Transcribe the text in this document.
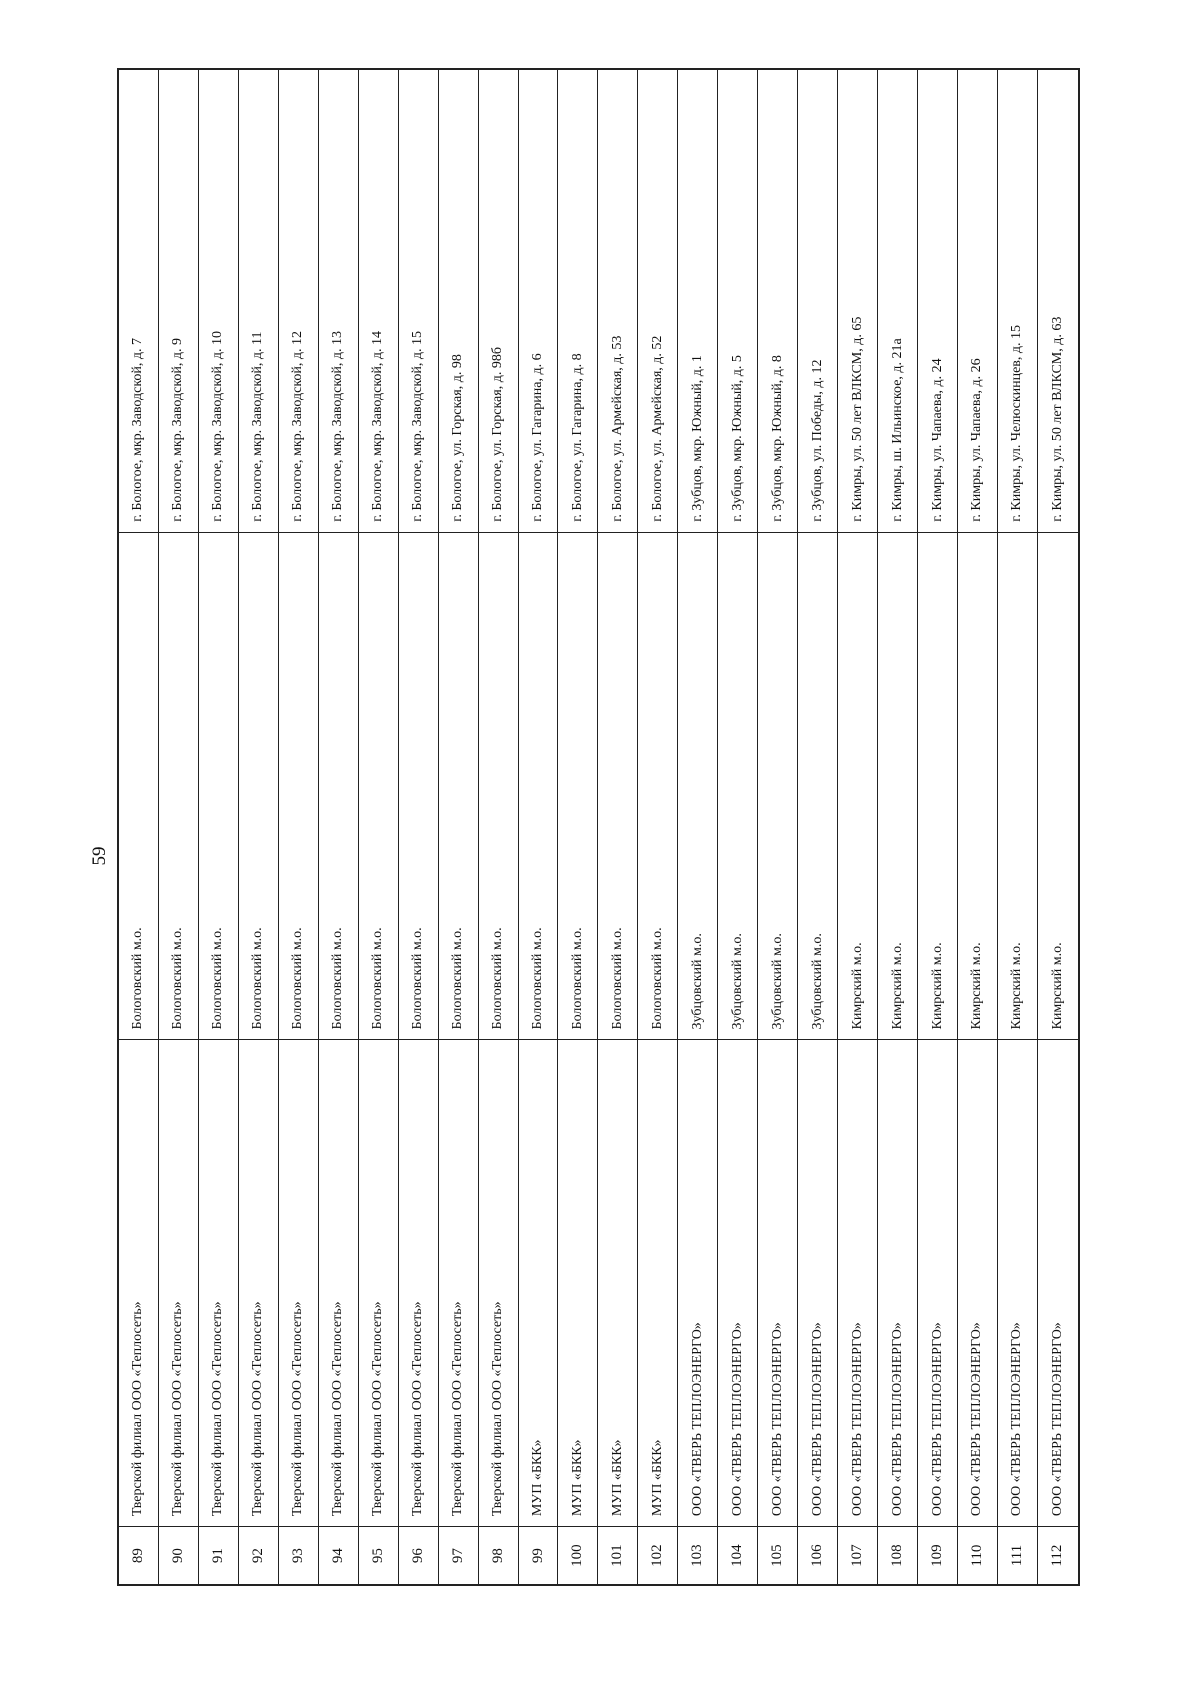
59
89
Тверской филиал ООО «Теплосеть»
Бологовский м.о.
г. Бологое, мкр. Заводской, д. 7
90
Тверской филиал ООО «Теплосеть»
Бологовский м.о.
г. Бологое, мкр. Заводской, д. 9
91
Тверской филиал ООО «Теплосеть»
Бологовский м.о.
г. Бологое, мкр. Заводской, д. 10
92
Тверской филиал ООО «Теплосеть»
Бологовский м.о.
г. Бологое, мкр. Заводской, д. 11
93
Тверской филиал ООО «Теплосеть»
Бологовский м.о.
г. Бологое, мкр. Заводской, д. 12
94
Тверской филиал ООО «Теплосеть»
Бологовский м.о.
г. Бологое, мкр. Заводской, д. 13
95
Тверской филиал ООО «Теплосеть»
Бологовский м.о.
г. Бологое, мкр. Заводской, д. 14
96
Тверской филиал ООО «Теплосеть»
Бологовский м.о.
г. Бологое, мкр. Заводской, д. 15
97
Тверской филиал ООО «Теплосеть»
Бологовский м.о.
г. Бологое, ул. Горская, д. 98
98
Тверской филиал ООО «Теплосеть»
Бологовский м.о.
г. Бологое, ул. Горская, д. 98б
99
МУП «БКК»
Бологовский м.о.
г. Бологое, ул. Гагарина, д. 6
100
МУП «БКК»
Бологовский м.о.
г. Бологое, ул. Гагарина, д. 8
101
МУП «БКК»
Бологовский м.о.
г. Бологое, ул. Армейская, д. 53
102
МУП «БКК»
Бологовский м.о.
г. Бологое, ул. Армейская, д. 52
103
ООО «ТВЕРЬ ТЕПЛОЭНЕРГО»
Зубцовский м.о.
г. Зубцов, мкр. Южный, д. 1
104
ООО «ТВЕРЬ ТЕПЛОЭНЕРГО»
Зубцовский м.о.
г. Зубцов, мкр. Южный, д. 5
105
ООО «ТВЕРЬ ТЕПЛОЭНЕРГО»
Зубцовский м.о.
г. Зубцов, мкр. Южный, д. 8
106
ООО «ТВЕРЬ ТЕПЛОЭНЕРГО»
Зубцовский м.о.
г. Зубцов, ул. Победы, д. 12
107
ООО «ТВЕРЬ ТЕПЛОЭНЕРГО»
Кимрский м.о.
г. Кимры, ул. 50 лет ВЛКСМ, д. 65
108
ООО «ТВЕРЬ ТЕПЛОЭНЕРГО»
Кимрский м.о.
г. Кимры, ш. Ильинское, д. 21а
109
ООО «ТВЕРЬ ТЕПЛОЭНЕРГО»
Кимрский м.о.
г. Кимры, ул. Чапаева, д. 24
110
ООО «ТВЕРЬ ТЕПЛОЭНЕРГО»
Кимрский м.о.
г. Кимры, ул. Чапаева, д. 26
111
ООО «ТВЕРЬ ТЕПЛОЭНЕРГО»
Кимрский м.о.
г. Кимры, ул. Челюскинцев, д. 15
112
ООО «ТВЕРЬ ТЕПЛОЭНЕРГО»
Кимрский м.о.
г. Кимры, ул. 50 лет ВЛКСМ, д. 63
